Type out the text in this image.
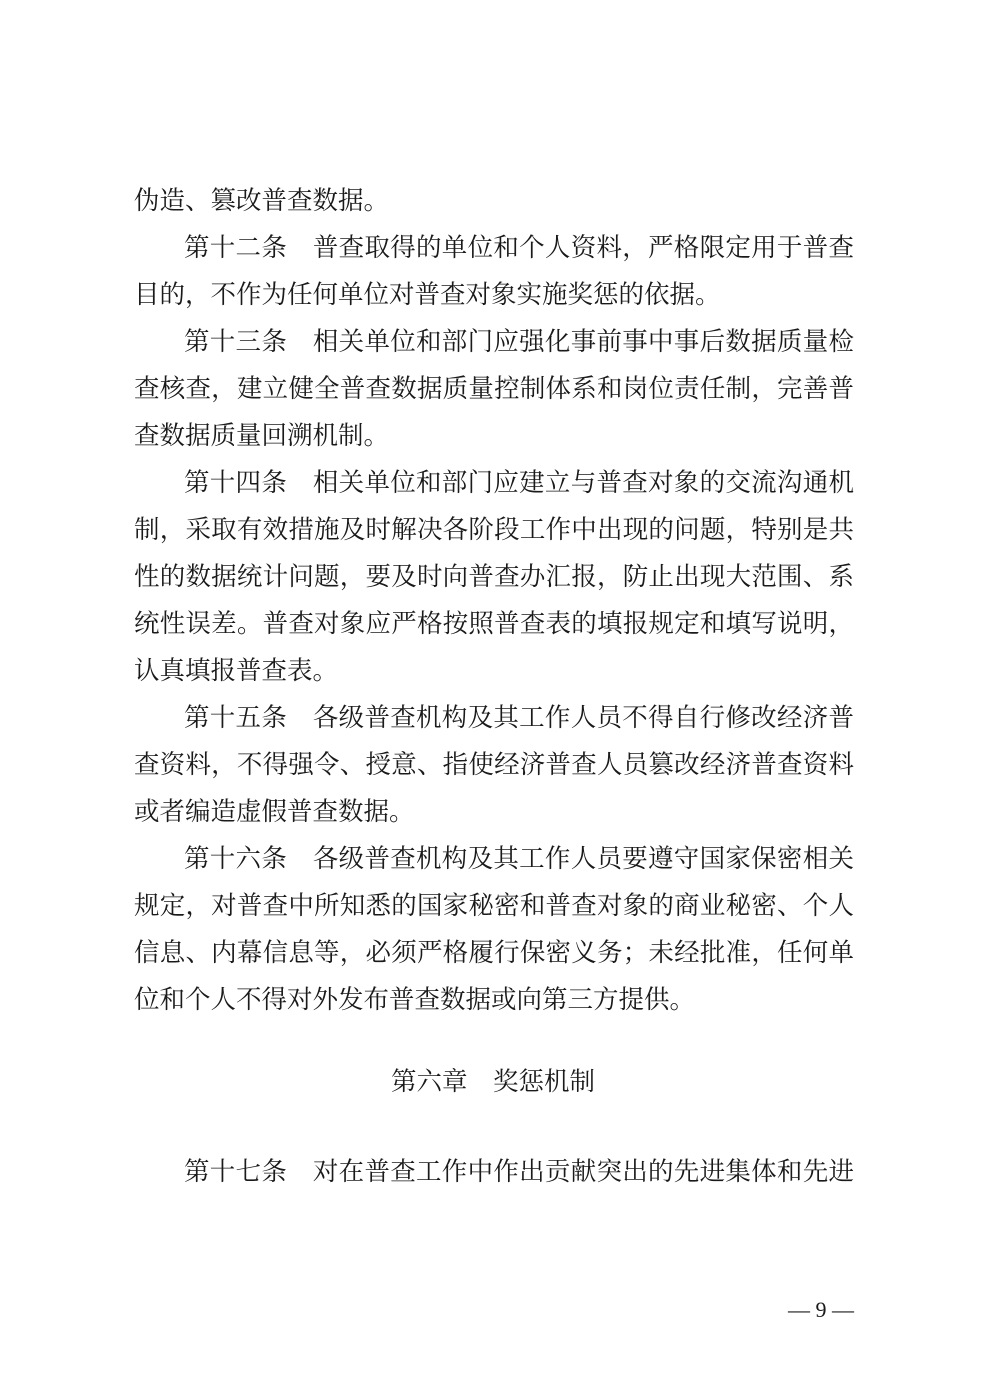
伪造、篡改普查数据。
第十二条　普查取得的单位和个人资料，严格限定用于普查
目的，不作为任何单位对普查对象实施奖惩的依据。
第十三条　相关单位和部门应强化事前事中事后数据质量检
查核查，建立健全普查数据质量控制体系和岗位责任制，完善普
查数据质量回溯机制。
第十四条　相关单位和部门应建立与普查对象的交流沟通机
制，采取有效措施及时解决各阶段工作中出现的问题，特别是共
性的数据统计问题，要及时向普查办汇报，防止出现大范围、系
统性误差。普查对象应严格按照普查表的填报规定和填写说明，
认真填报普查表。
第十五条　各级普查机构及其工作人员不得自行修改经济普
查资料，不得强令、授意、指使经济普查人员篡改经济普查资料
或者编造虚假普查数据。
第十六条　各级普查机构及其工作人员要遵守国家保密相关
规定，对普查中所知悉的国家秘密和普查对象的商业秘密、个人
信息、内幕信息等，必须严格履行保密义务；未经批准，任何单
位和个人不得对外发布普查数据或向第三方提供。
第六章　奖惩机制
第十七条　对在普查工作中作出贡献突出的先进集体和先进
— 9 —
